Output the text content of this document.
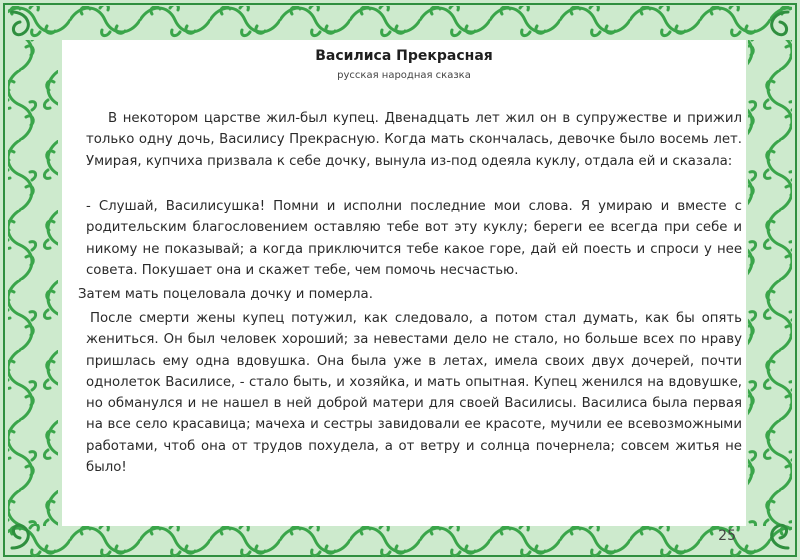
Василиса Прекрасная
русская народная сказка

В некотором царстве жил-был купец. Двенадцать лет жил он в супружестве и прижил только одну дочь, Василису Прекрасную. Когда мать скончалась, девочке было восемь лет. Умирая, купчиха призвала к себе дочку, вынула из-под одеяла куклу, отдала ей и сказала:

- Слушай, Василисушка! Помни и исполни последние мои слова. Я умираю и вместе с родительским благословением оставляю тебе вот эту куклу; береги ее всегда при себе и никому не показывай; а когда приключится тебе какое горе, дай ей поесть и спроси у нее совета. Покушает она и скажет тебе, чем помочь несчастью.

Затем мать поцеловала дочку и померла.

После смерти жены купец потужил, как следовало, а потом стал думать, как бы опять жениться. Он был человек хороший; за невестами дело не стало, но больше всех по нраву пришлась ему одна вдовушка. Она была уже в летах, имела своих двух дочерей, почти однолеток Василисе, - стало быть, и хозяйка, и мать опытная. Купец женился на вдовушке, но обманулся и не нашел в ней доброй матери для своей Василисы. Василиса была первая на все село красавица; мачеха и сестры завидовали ее красоте, мучили ее всевозможными работами, чтоб она от трудов похудела, а от ветру и солнца почернела; совсем житья не было!

25
